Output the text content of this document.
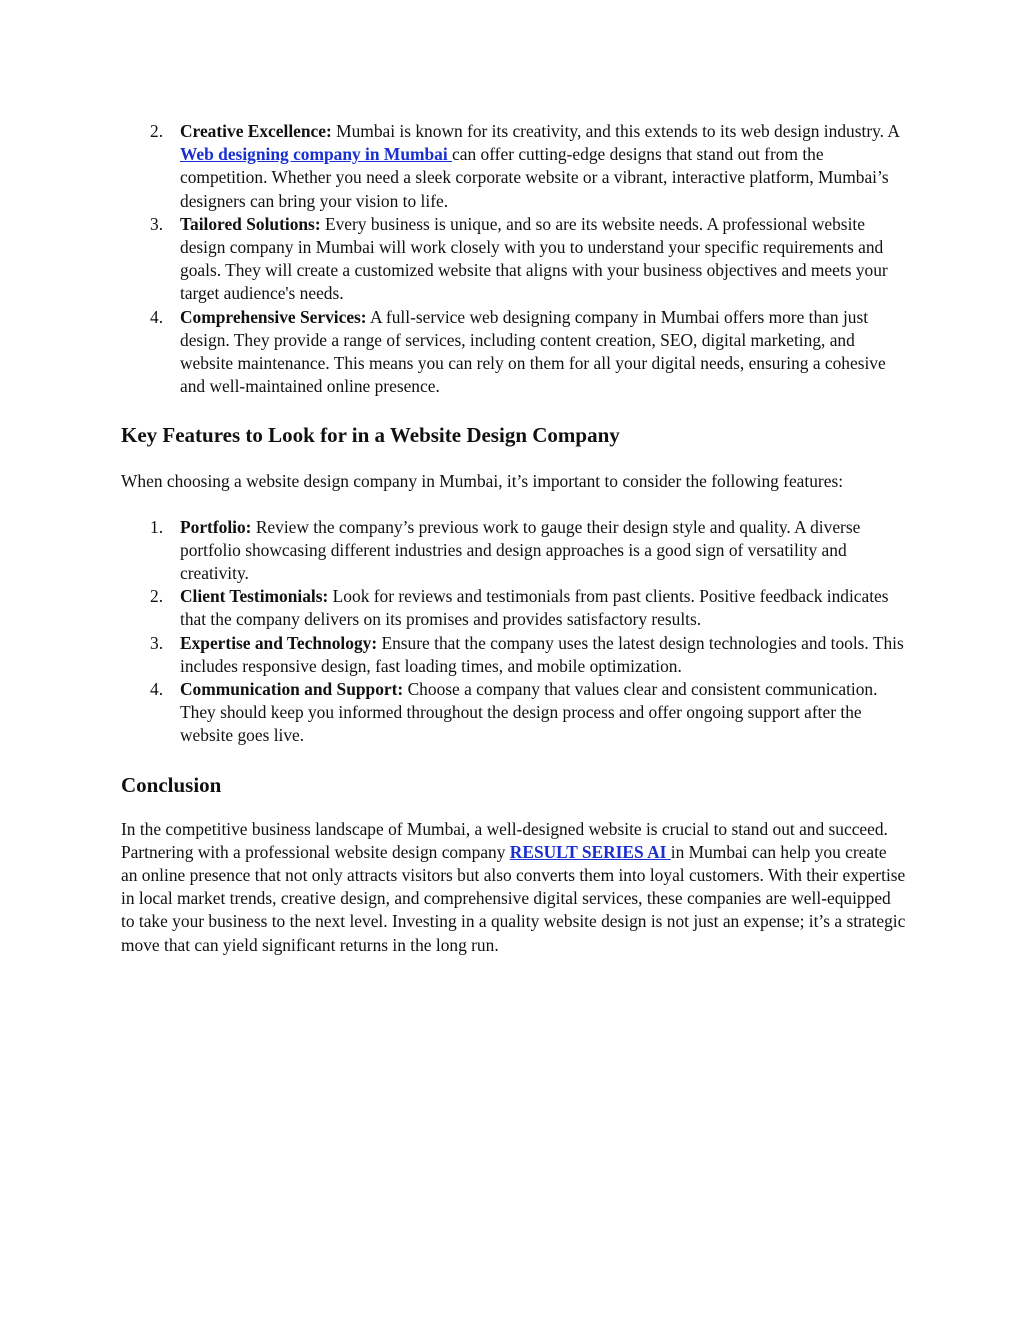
2. Creative Excellence: Mumbai is known for its creativity, and this extends to its web design industry. A Web designing company in Mumbai can offer cutting-edge designs that stand out from the competition. Whether you need a sleek corporate website or a vibrant, interactive platform, Mumbai’s designers can bring your vision to life.
3. Tailored Solutions: Every business is unique, and so are its website needs. A professional website design company in Mumbai will work closely with you to understand your specific requirements and goals. They will create a customized website that aligns with your business objectives and meets your target audience's needs.
4. Comprehensive Services: A full-service web designing company in Mumbai offers more than just design. They provide a range of services, including content creation, SEO, digital marketing, and website maintenance. This means you can rely on them for all your digital needs, ensuring a cohesive and well-maintained online presence.
Key Features to Look for in a Website Design Company

When choosing a website design company in Mumbai, it’s important to consider the following features:

1. Portfolio: Review the company’s previous work to gauge their design style and quality. A diverse portfolio showcasing different industries and design approaches is a good sign of versatility and creativity.
2. Client Testimonials: Look for reviews and testimonials from past clients. Positive feedback indicates that the company delivers on its promises and provides satisfactory results.
3. Expertise and Technology: Ensure that the company uses the latest design technologies and tools. This includes responsive design, fast loading times, and mobile optimization.
4. Communication and Support: Choose a company that values clear and consistent communication. They should keep you informed throughout the design process and offer ongoing support after the website goes live.
Conclusion

In the competitive business landscape of Mumbai, a well-designed website is crucial to stand out and succeed. Partnering with a professional website design company RESULT SERIES AI in Mumbai can help you create an online presence that not only attracts visitors but also converts them into loyal customers. With their expertise in local market trends, creative design, and comprehensive digital services, these companies are well-equipped to take your business to the next level. Investing in a quality website design is not just an expense; it’s a strategic move that can yield significant returns in the long run.
